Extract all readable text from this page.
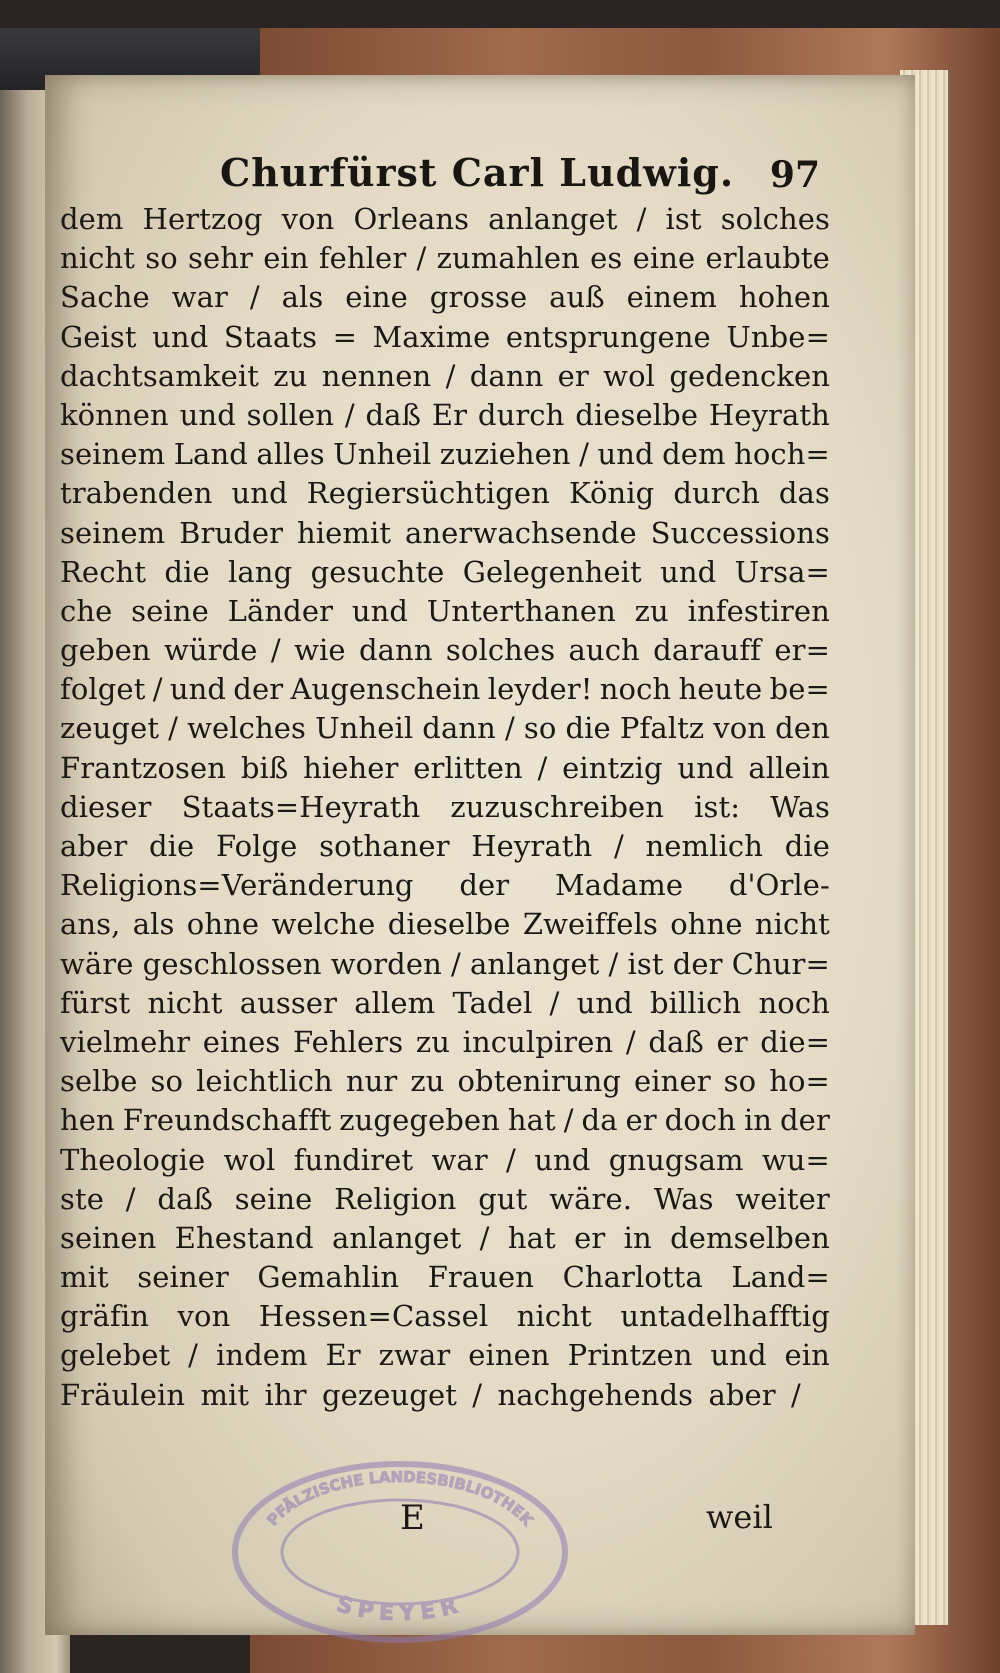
Churfürst Carl Ludwig. 97
dem Hertzog von Orleans anlanget / ist solches
nicht so sehr ein fehler / zumahlen es eine erlaubte
Sache war / als eine grosse auß einem hohen
Geist und Staats = Maxime entsprungene Unbe=
dachtsamkeit zu nennen / dann er wol gedencken
können und sollen / daß Er durch dieselbe Heyrath
seinem Land alles Unheil zuziehen / und dem hoch=
trabenden und Regiersüchtigen König durch das
seinem Bruder hiemit anerwachsende Successions
Recht die lang gesuchte Gelegenheit und Ursa=
che seine Länder und Unterthanen zu infestiren
geben würde / wie dann solches auch darauff er=
folget / und der Augenschein leyder! noch heute be=
zeuget / welches Unheil dann / so die Pfaltz von den
Frantzosen biß hieher erlitten / eintzig und allein
dieser Staats=Heyrath zuzuschreiben ist: Was
aber die Folge sothaner Heyrath / nemlich die
Religions=Veränderung der Madame d'Orle-
ans, als ohne welche dieselbe Zweiffels ohne nicht
wäre geschlossen worden / anlanget / ist der Chur=
fürst nicht ausser allem Tadel / und billich noch
vielmehr eines Fehlers zu inculpiren / daß er die=
selbe so leichtlich nur zu obtenirung einer so ho=
hen Freundschafft zugegeben hat / da er doch in der
Theologie wol fundiret war / und gnugsam wu=
ste / daß seine Religion gut wäre. Was weiter
seinen Ehestand anlanget / hat er in demselben
mit seiner Gemahlin Frauen Charlotta Land=
gräfin von Hessen=Cassel nicht untadelhafftig
gelebet / indem Er zwar einen Printzen und ein
Fräulein mit ihr gezeuget / nachgehends aber /
E	weil
PFÄLZISCHE LANDESBIBLIOTHEK
SPEYER
